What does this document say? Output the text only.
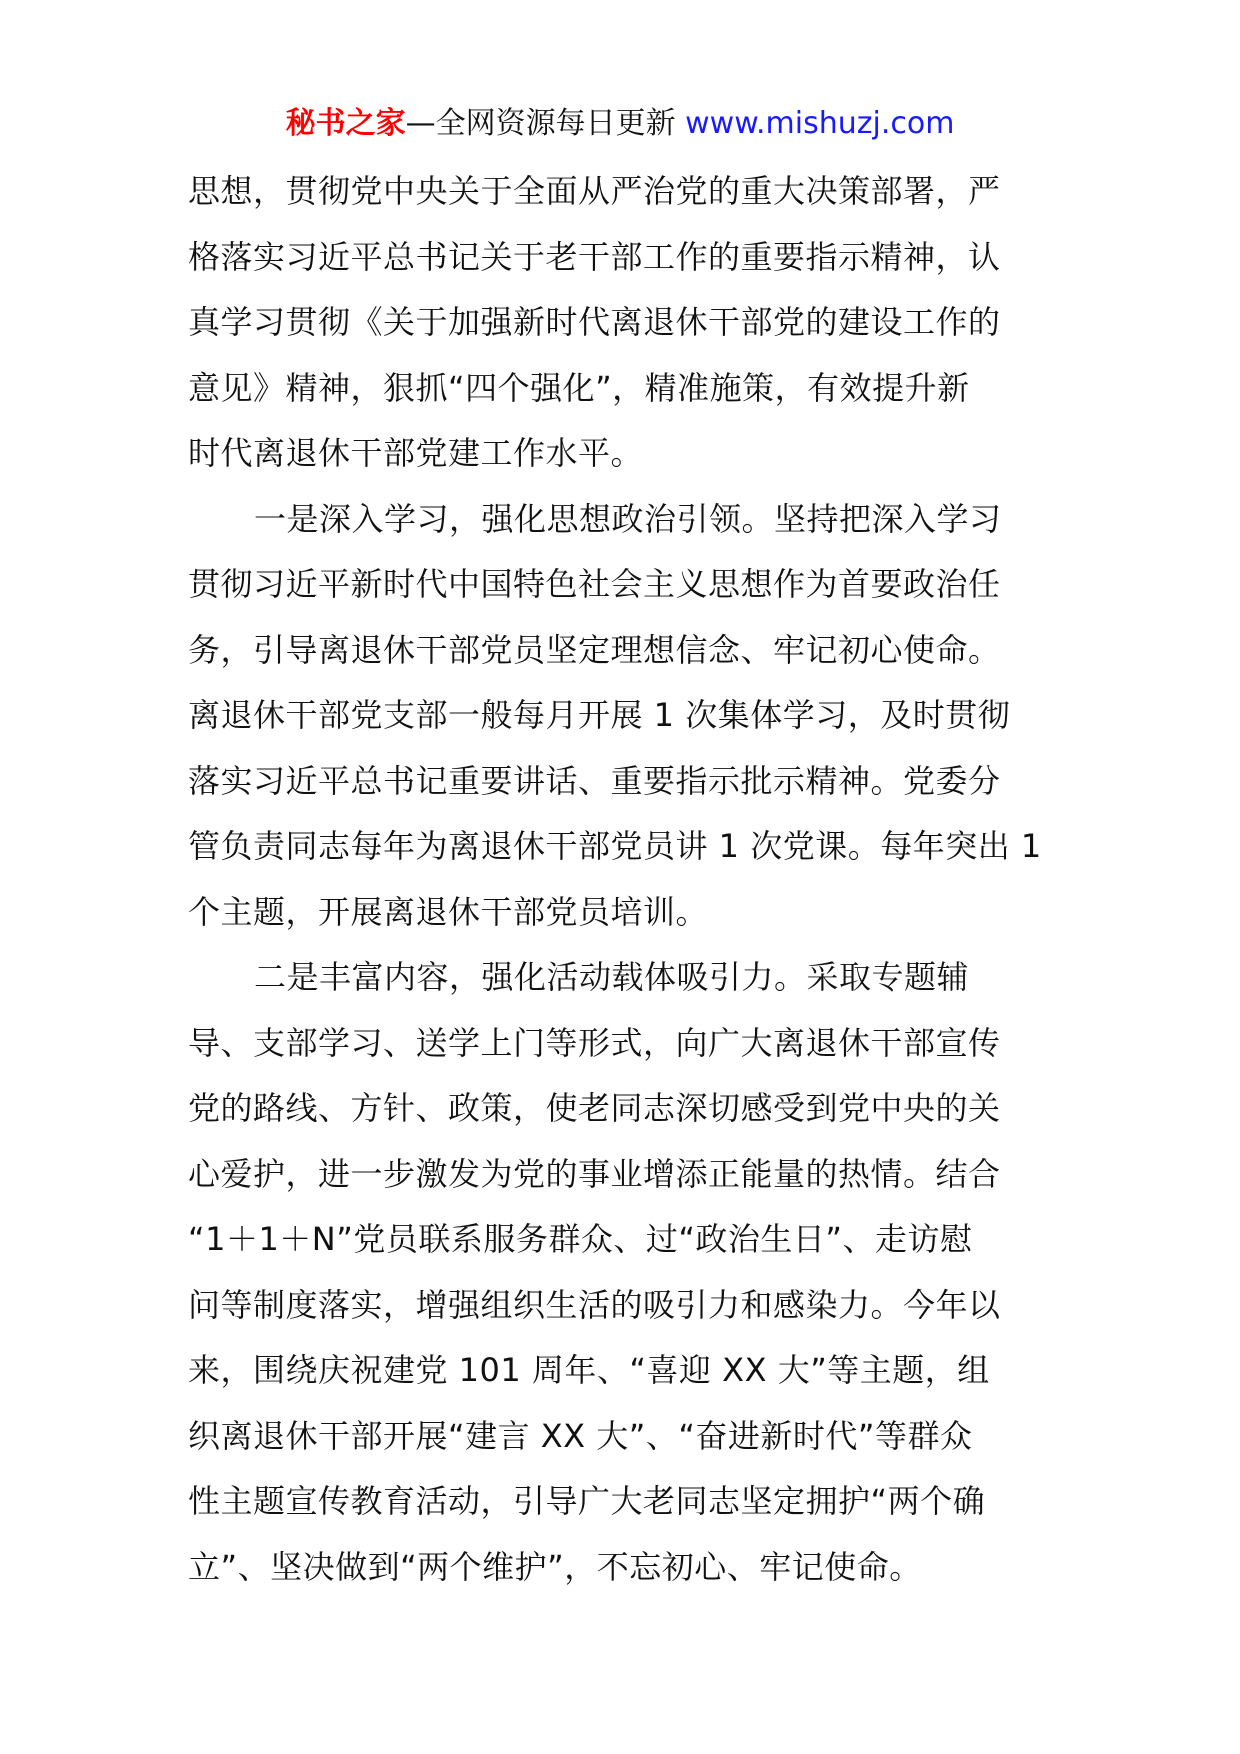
秘书之家—全网资源每日更新 www.mishuzj.com
思想，贯彻党中央关于全面从严治党的重大决策部署，严
格落实习近平总书记关于老干部工作的重要指示精神，认
真学习贯彻《关于加强新时代离退休干部党的建设工作的
意见》精神，狠抓“四个强化”，精准施策，有效提升新
时代离退休干部党建工作水平。
一是深入学习，强化思想政治引领。坚持把深入学习
贯彻习近平新时代中国特色社会主义思想作为首要政治任
务，引导离退休干部党员坚定理想信念、牢记初心使命。
离退休干部党支部一般每月开展 1 次集体学习，及时贯彻
落实习近平总书记重要讲话、重要指示批示精神。党委分
管负责同志每年为离退休干部党员讲 1 次党课。每年突出 1
个主题，开展离退休干部党员培训。
二是丰富内容，强化活动载体吸引力。采取专题辅
导、支部学习、送学上门等形式，向广大离退休干部宣传
党的路线、方针、政策，使老同志深切感受到党中央的关
心爱护，进一步激发为党的事业增添正能量的热情。结合
“1＋1＋N”党员联系服务群众、过“政治生日”、走访慰
问等制度落实，增强组织生活的吸引力和感染力。今年以
来，围绕庆祝建党 101 周年、“喜迎 XX 大”等主题，组
织离退休干部开展“建言 XX 大”、“奋进新时代”等群众
性主题宣传教育活动，引导广大老同志坚定拥护“两个确
立”、坚决做到“两个维护”，不忘初心、牢记使命。
